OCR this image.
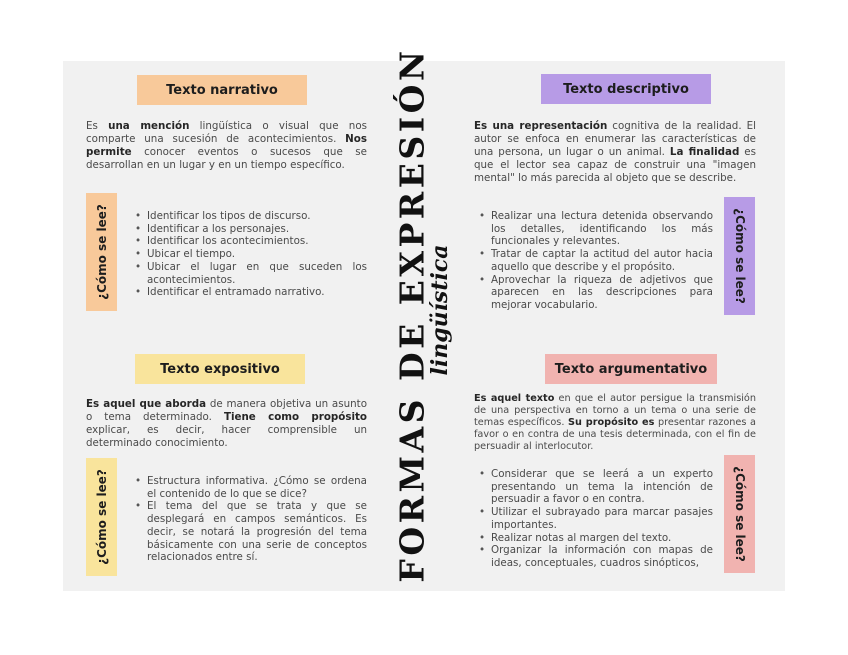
Texto narrativo

Es una mención lingüística o visual que nos comparte una sucesión de acontecimientos. Nos permite conocer eventos o sucesos que se desarrollan en un lugar y en un tiempo específico.

¿Cómo se lee?	• Identificar los tipos de discurso.
• Identificar a los personajes.
• Identificar los acontecimientos.
• Ubicar el tiempo.
• Ubicar el lugar en que suceden los acontecimientos.
• Identificar el entramado narrativo.
Texto descriptivo

Es una representación cognitiva de la realidad. El autor se enfoca en enumerar las características de una persona, un lugar o un animal. La finalidad es que el lector sea capaz de construir una "imagen mental" lo más parecida al objeto que se describe.

• Realizar una lectura detenida observando los detalles, identificando los más funcionales y relevantes.
• Tratar de captar la actitud del autor hacia aquello que describe y el propósito.
• Aprovechar la riqueza de adjetivos que aparecen en las descripciones para mejorar vocabulario.
¿Cómo se lee?
Texto expositivo

Es aquel que aborda de manera objetiva un asunto o tema determinado. Tiene como propósito explicar, es decir, hacer comprensible un determinado conocimiento.

¿Cómo se lee?	• Estructura informativa. ¿Cómo se ordena el contenido de lo que se dice?
• El tema del que se trata y que se desplegará en campos semánticos. Es decir, se notará la progresión del tema básicamente con una serie de conceptos relacionados entre sí.
Texto argumentativo

Es aquel texto en que el autor persigue la transmisión de una perspectiva en torno a un tema o una serie de temas específicos. Su propósito es presentar razones a favor o en contra de una tesis determinada, con el fin de persuadir al interlocutor.

• Considerar que se leerá a un experto presentando un tema la intención de persuadir a favor o en contra.
• Utilizar el subrayado para marcar pasajes importantes.
• Realizar notas al margen del texto.
• Organizar la información con mapas de ideas, conceptuales, cuadros sinópticos,
¿Cómo se lee?
FORMAS DE EXPRESIÓN
lingüística
